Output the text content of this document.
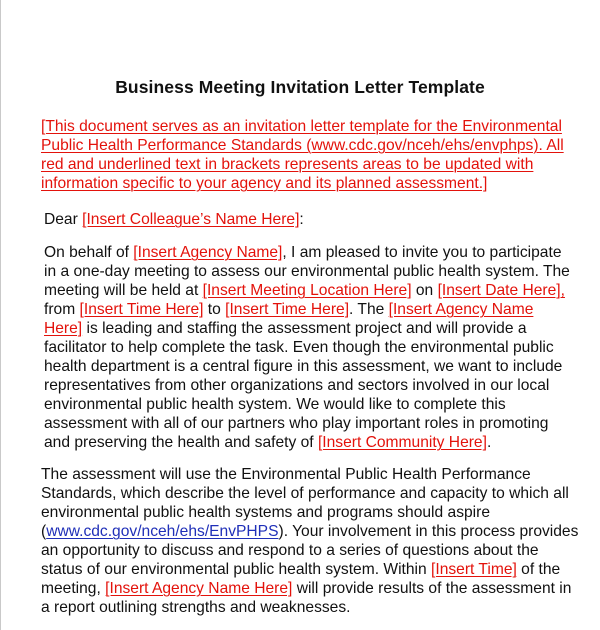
Business Meeting Invitation Letter Template
[This document serves as an invitation letter template for the Environmental
Public Health Performance Standards (www.cdc.gov/nceh/ehs/envphps). All
red and underlined text in brackets represents areas to be updated with
information specific to your agency and its planned assessment.]
Dear [Insert Colleague’s Name Here]:
On behalf of [Insert Agency Name], I am pleased to invite you to participate
in a one-day meeting to assess our environmental public health system. The
meeting will be held at [Insert Meeting Location Here] on [Insert Date Here],
from [Insert Time Here] to [Insert Time Here]. The [Insert Agency Name
Here] is leading and staffing the assessment project and will provide a
facilitator to help complete the task. Even though the environmental public
health department is a central figure in this assessment, we want to include
representatives from other organizations and sectors involved in our local
environmental public health system. We would like to complete this
assessment with all of our partners who play important roles in promoting
and preserving the health and safety of [Insert Community Here].
The assessment will use the Environmental Public Health Performance
Standards, which describe the level of performance and capacity to which all
environmental public health systems and programs should aspire
(www.cdc.gov/nceh/ehs/EnvPHPS). Your involvement in this process provides
an opportunity to discuss and respond to a series of questions about the
status of our environmental public health system. Within [Insert Time] of the
meeting, [Insert Agency Name Here] will provide results of the assessment in
a report outlining strengths and weaknesses.
